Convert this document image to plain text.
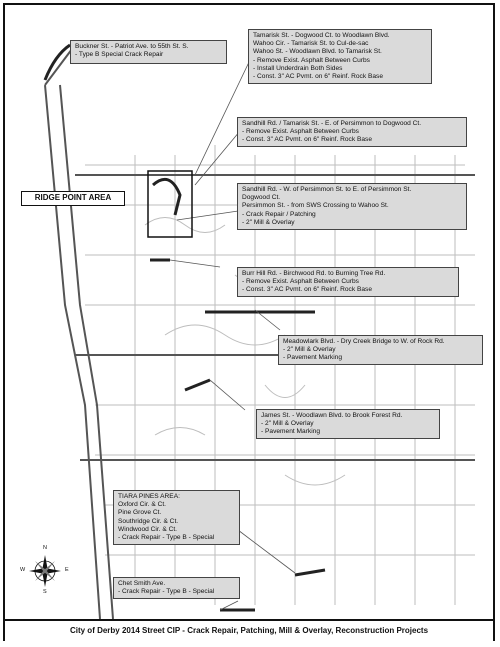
Buckner St. - Patriot Ave. to 55th St. S.
- Type B Special Crack Repair
Tamarisk St. - Dogwood Ct. to Woodlawn Blvd.
Wahoo Cir. - Tamarisk St. to Cul-de-sac
Wahoo St. - Woodlawn Blvd. to Tamarisk St.
- Remove Exist. Asphalt Between Curbs
- Install Underdrain Both Sides
- Const. 3" AC Pvmt. on 6" Reinf. Rock Base
Sandhill Rd. / Tamarisk St. - E. of Persimmon to Dogwood Ct.
- Remove Exist. Asphalt Between Curbs
- Const. 3" AC Pvmt. on 6" Reinf. Rock Base
Sandhill Rd. - W. of Persimmon St. to E. of Persimmon St.
Dogwood Ct.
Persimmon St. - from SWS Crossing to Wahoo St.
- Crack Repair / Patching
- 2" Mill & Overlay
Burr Hill Rd. - Birchwood Rd. to Burning Tree Rd.
- Remove Exist. Asphalt Between Curbs
- Const. 3" AC Pvmt. on 6" Reinf. Rock Base
Meadowlark Blvd. - Dry Creek Bridge to W. of Rock Rd.
- 2" Mill & Overlay
- Pavement Marking
James St. - Woodlawn Blvd. to Brook Forest Rd.
- 2" Mill & Overlay
- Pavement Marking
TIARA PINES AREA:
Oxford Cir. & Ct.
Pine Grove Ct.
Southridge Cir. & Ct.
Windwood Cir. & Ct.
- Crack Repair - Type B - Special
Chet Smith Ave.
- Crack Repair - Type B - Special
RIDGE POINT AREA
N
S
W	E
City of Derby 2014 Street CIP - Crack Repair, Patching, Mill & Overlay, Reconstruction Projects
